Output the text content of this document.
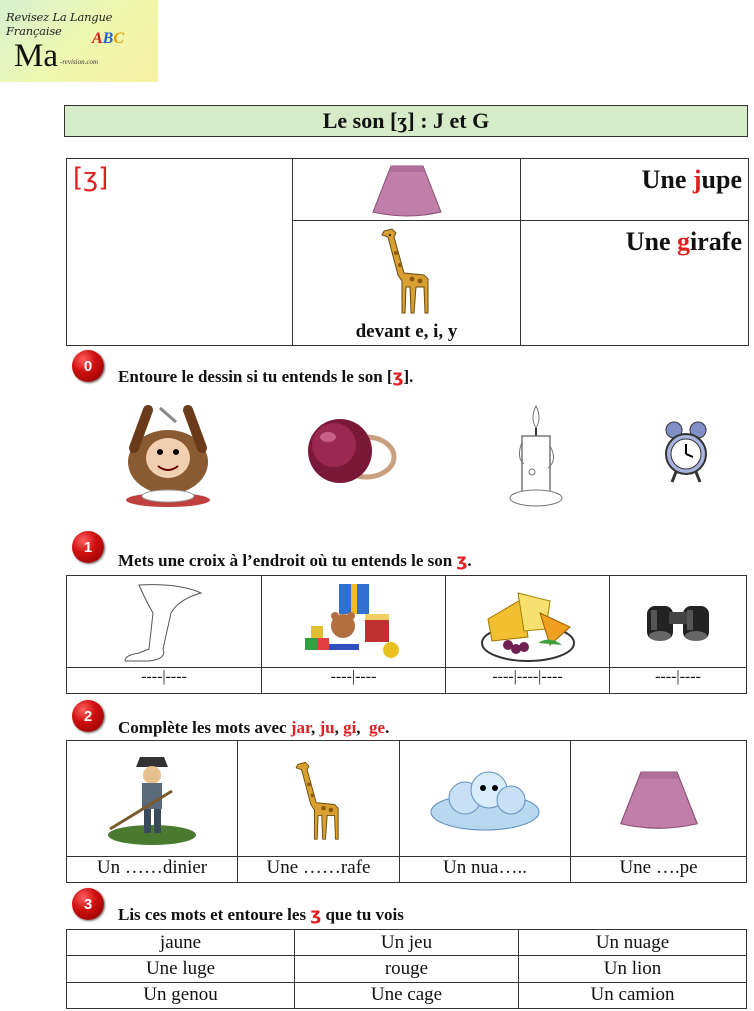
Revisez La Langue Française
Ma ABC
-revision.com
Le son [ʒ] : J et G
[ʒ]		Une jupe

	devant e, i, y	Une girafe
0
Entoure le dessin si tu entends le son [ʒ].
1
Mets une croix à l’endroit où tu entends le son ʒ.

----|----	----|----	----|----|----	----|----
2
Complète les mots avec jar, ju, gi,  ge.

Un ……dinier	Une ……rafe	Un nua…..	Une ….pe
3
Lis ces mots et entoure les ʒ que tu vois
jaune	Un jeu	Un nuage
Une luge	rouge	Un lion
Un genou	Une cage	Un camion
